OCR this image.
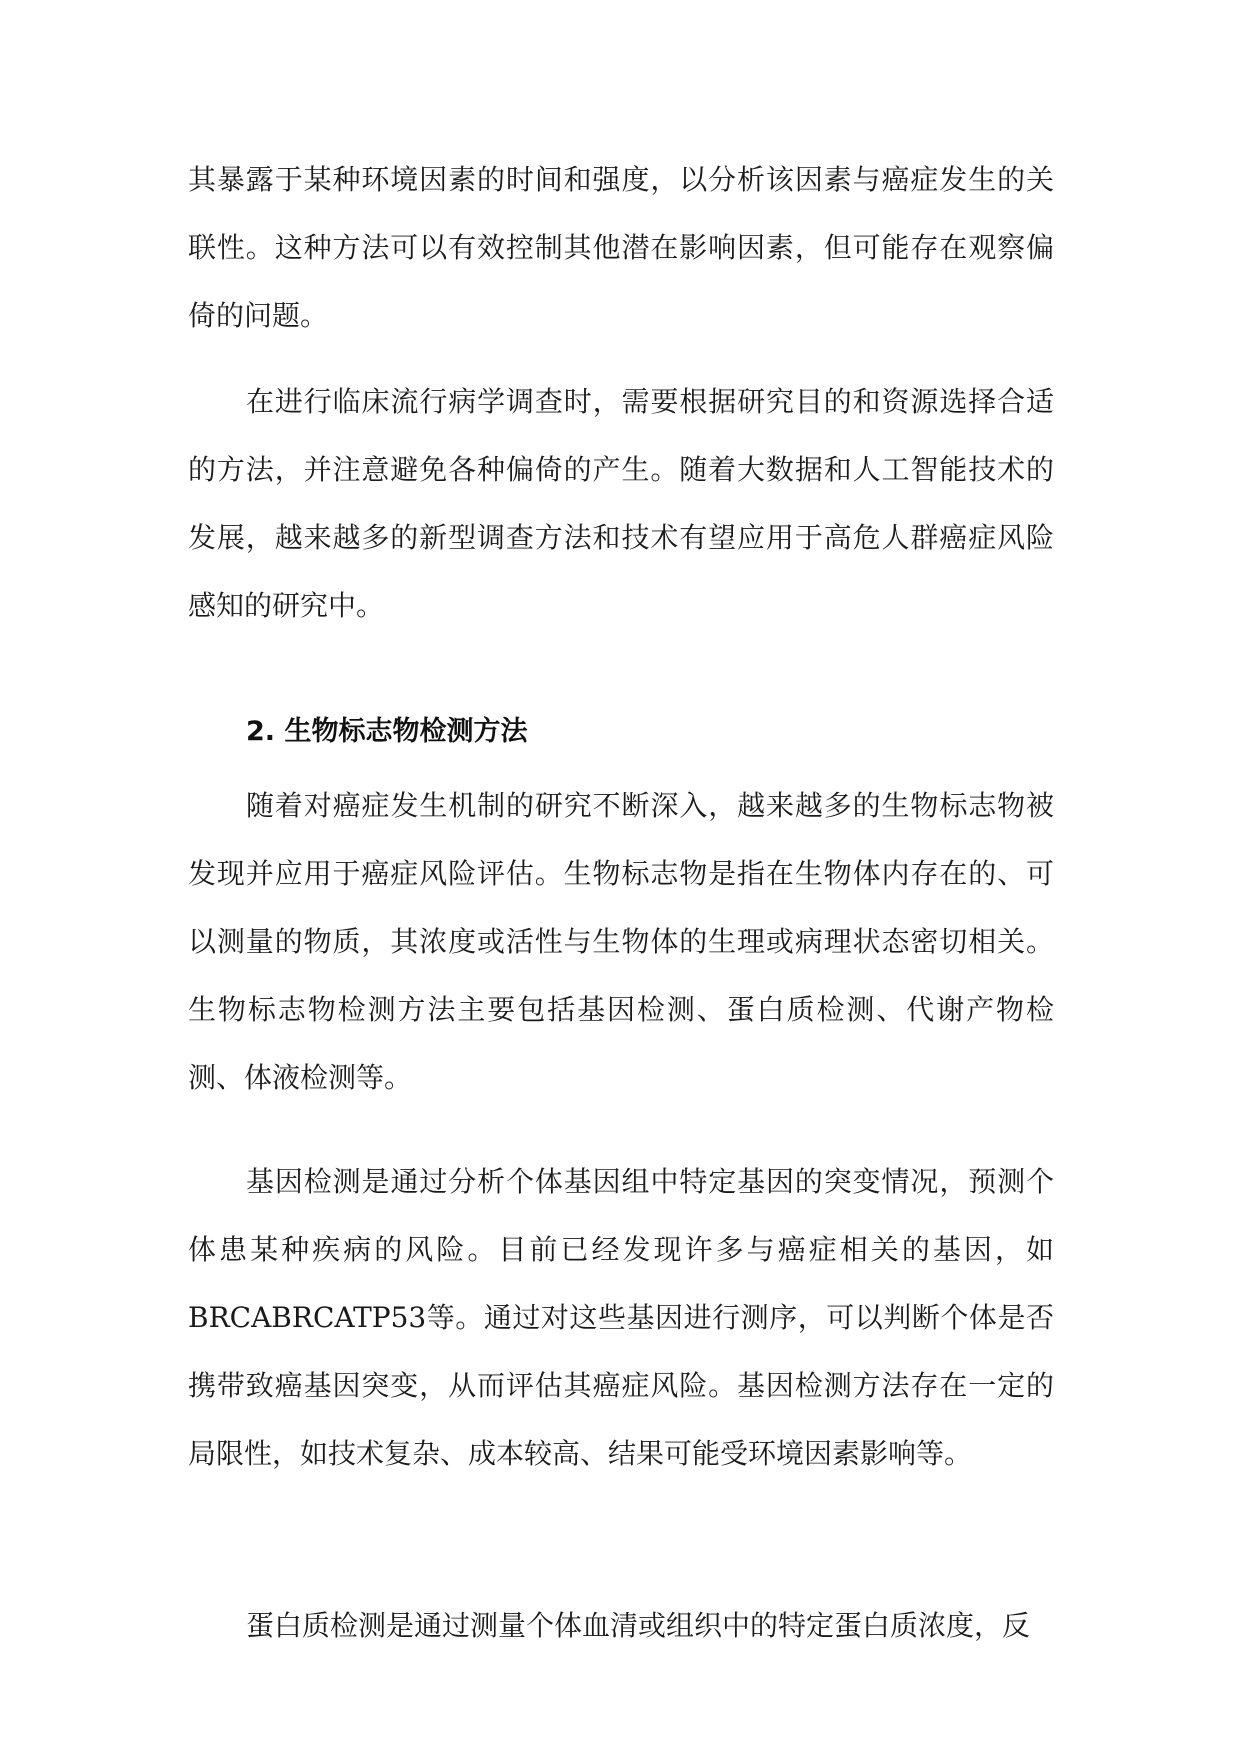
其暴露于某种环境因素的时间和强度，以分析该因素与癌症发生的关联性。这种方法可以有效控制其他潜在影响因素，但可能存在观察偏倚的问题。
在进行临床流行病学调查时，需要根据研究目的和资源选择合适的方法，并注意避免各种偏倚的产生。随着大数据和人工智能技术的发展，越来越多的新型调查方法和技术有望应用于高危人群癌症风险感知的研究中。
2. 生物标志物检测方法
随着对癌症发生机制的研究不断深入，越来越多的生物标志物被发现并应用于癌症风险评估。生物标志物是指在生物体内存在的、可以测量的物质，其浓度或活性与生物体的生理或病理状态密切相关。生物标志物检测方法主要包括基因检测、蛋白质检测、代谢产物检测、体液检测等。
基因检测是通过分析个体基因组中特定基因的突变情况，预测个体患某种疾病的风险。目前已经发现许多与癌症相关的基因，如BRCABRCATP53等。通过对这些基因进行测序，可以判断个体是否携带致癌基因突变，从而评估其癌症风险。基因检测方法存在一定的局限性，如技术复杂、成本较高、结果可能受环境因素影响等。
蛋白质检测是通过测量个体血清或组织中的特定蛋白质浓度，反
